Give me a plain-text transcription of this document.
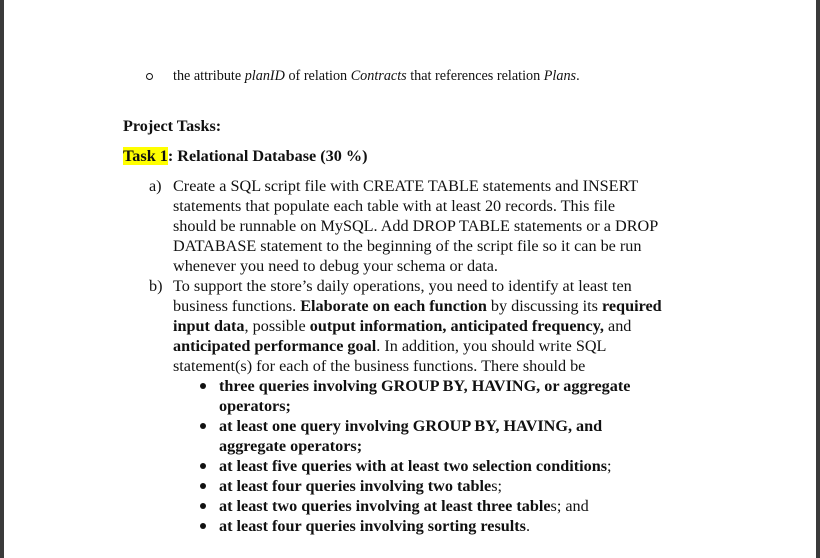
the attribute planID of relation Contracts that references relation Plans.
Project Tasks:
Task 1: Relational Database (30 %)
a) Create a SQL script file with CREATE TABLE statements and INSERT
statements that populate each table with at least 20 records. This file
should be runnable on MySQL. Add DROP TABLE statements or a DROP
DATABASE statement to the beginning of the script file so it can be run
whenever you need to debug your schema or data.
b) To support the store’s daily operations, you need to identify at least ten
business functions. Elaborate on each function by discussing its required
input data, possible output information, anticipated frequency, and
anticipated performance goal. In addition, you should write SQL
statement(s) for each of the business functions. There should be
three queries involving GROUP BY, HAVING, or aggregate
operators;
at least one query involving GROUP BY, HAVING, and
aggregate operators;
at least five queries with at least two selection conditions;
at least four queries involving two tables;
at least two queries involving at least three tables; and
at least four queries involving sorting results.
